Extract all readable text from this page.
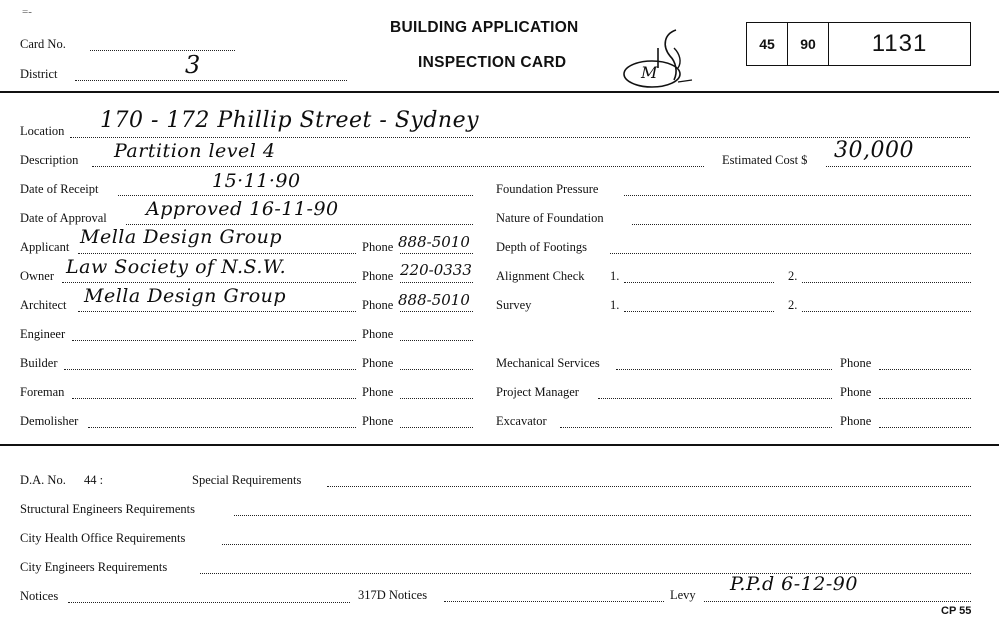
=-
Card No.
District	3
BUILDING APPLICATION
INSPECTION CARD
M
45 90 1131
Location 170 - 172 Phillip Street - Sydney
Description Partition level 4	Estimated Cost $ 30,000
Date of Receipt	15·11·90
Date of Approval Approved 16-11-90
Applicant Mella Design Group	Phone 888-5010
Owner Law Society of N.S.W.	Phone 220-0333
Architect Mella Design Group	Phone 888-5010
Engineer	Phone
Builder	Phone
Foreman	Phone
Demolisher	Phone
Foundation Pressure
Nature of Foundation
Depth of Footings
Alignment Check 1.	2.
Survey	1.	2.
Mechanical Services	Phone
Project Manager	Phone
Excavator	Phone
D.A. No. 44 :	Special Requirements
Structural Engineers Requirements
City Health Office Requirements
City Engineers Requirements
Notices	317D Notices	Levy P.P.d 6-12-90
CP 55
